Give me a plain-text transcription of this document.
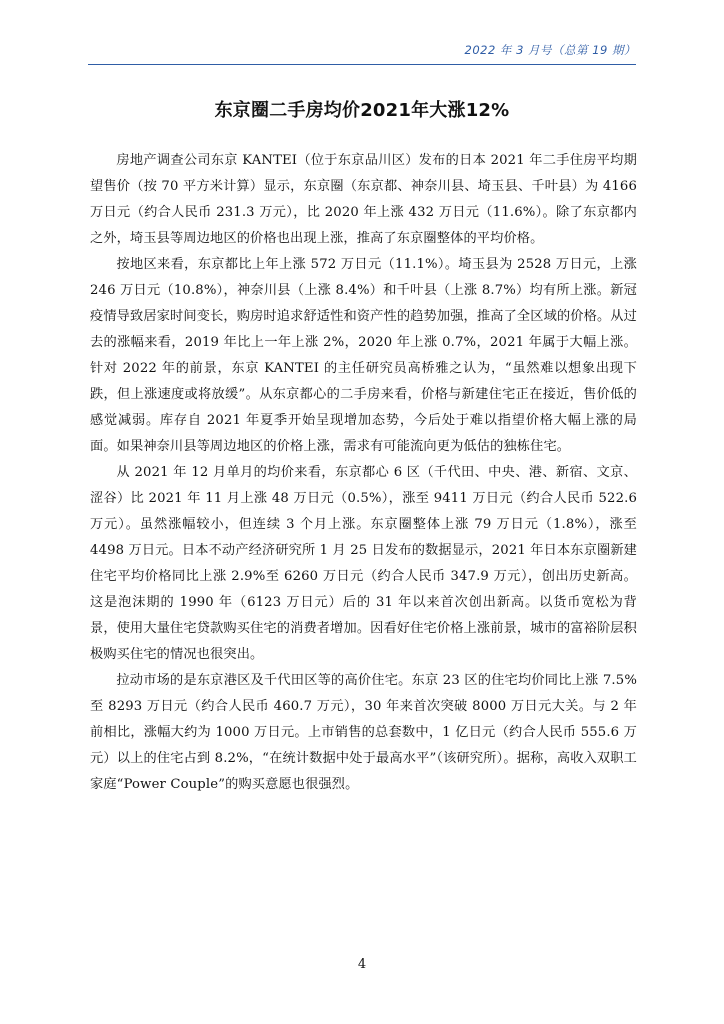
2022 年 3 月号（总第 19 期）
东京圈二手房均价2021年大涨12%

房地产调查公司东京 KANTEI（位于东京品川区）发布的日本 2021 年二手住房平均期望售价（按 70 平方米计算）显示，东京圈（东京都、神奈川县、埼玉县、千叶县）为 4166 万日元（约合人民币 231.3 万元），比 2020 年上涨 432 万日元（11.6%）。除了东京都内之外，埼玉县等周边地区的价格也出现上涨，推高了东京圈整体的平均价格。

按地区来看，东京都比上年上涨 572 万日元（11.1%）。埼玉县为 2528 万日元，上涨 246 万日元（10.8%），神奈川县（上涨 8.4%）和千叶县（上涨 8.7%）均有所上涨。新冠疫情导致居家时间变长，购房时追求舒适性和资产性的趋势加强，推高了全区域的价格。从过去的涨幅来看，2019 年比上一年上涨 2%，2020 年上涨 0.7%，2021 年属于大幅上涨。针对 2022 年的前景，东京 KANTEI 的主任研究员高桥雅之认为，“虽然难以想象出现下跌，但上涨速度或将放缓”。从东京都心的二手房来看，价格与新建住宅正在接近，售价低的感觉减弱。库存自 2021 年夏季开始呈现增加态势，今后处于难以指望价格大幅上涨的局面。如果神奈川县等周边地区的价格上涨，需求有可能流向更为低估的独栋住宅。

从 2021 年 12 月单月的均价来看，东京都心 6 区（千代田、中央、港、新宿、文京、涩谷）比 2021 年 11 月上涨 48 万日元（0.5%），涨至 9411 万日元（约合人民币 522.6 万元）。虽然涨幅较小，但连续 3 个月上涨。东京圈整体上涨 79 万日元（1.8%），涨至 4498 万日元。日本不动产经济研究所 1 月 25 日发布的数据显示，2021 年日本东京圈新建住宅平均价格同比上涨 2.9%至 6260 万日元（约合人民币 347.9 万元），创出历史新高。这是泡沫期的 1990 年（6123 万日元）后的 31 年以来首次创出新高。以货币宽松为背景，使用大量住宅贷款购买住宅的消费者增加。因看好住宅价格上涨前景，城市的富裕阶层积极购买住宅的情况也很突出。

拉动市场的是东京港区及千代田区等的高价住宅。东京 23 区的住宅均价同比上涨 7.5%至 8293 万日元（约合人民币 460.7 万元），30 年来首次突破 8000 万日元大关。与 2 年前相比，涨幅大约为 1000 万日元。上市销售的总套数中，1 亿日元（约合人民币 555.6 万元）以上的住宅占到 8.2%，“在统计数据中处于最高水平”（该研究所）。据称，高收入双职工家庭“Power Couple”的购买意愿也很强烈。

4
